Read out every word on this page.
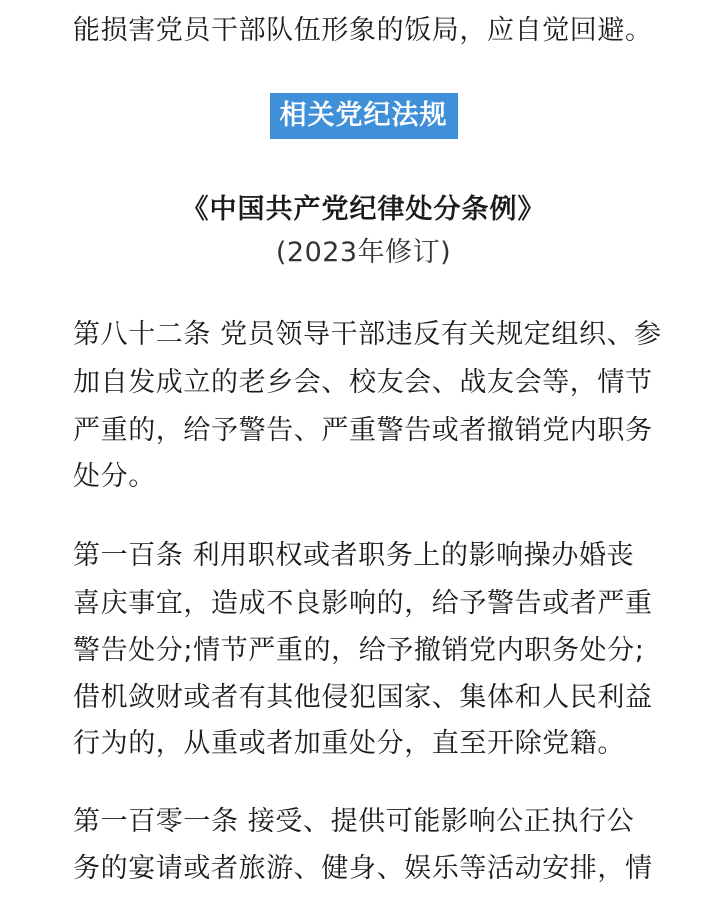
能损害党员干部队伍形象的饭局，应自觉回避。
相关党纪法规
《中国共产党纪律处分条例》
(2023年修订)
第八十二条 党员领导干部违反有关规定组织、参
加自发成立的老乡会、校友会、战友会等，情节
严重的，给予警告、严重警告或者撤销党内职务
处分。
第一百条 利用职权或者职务上的影响操办婚丧
喜庆事宜，造成不良影响的，给予警告或者严重
警告处分;情节严重的，给予撤销党内职务处分;
借机敛财或者有其他侵犯国家、集体和人民利益
行为的，从重或者加重处分，直至开除党籍。
第一百零一条 接受、提供可能影响公正执行公
务的宴请或者旅游、健身、娱乐等活动安排，情
